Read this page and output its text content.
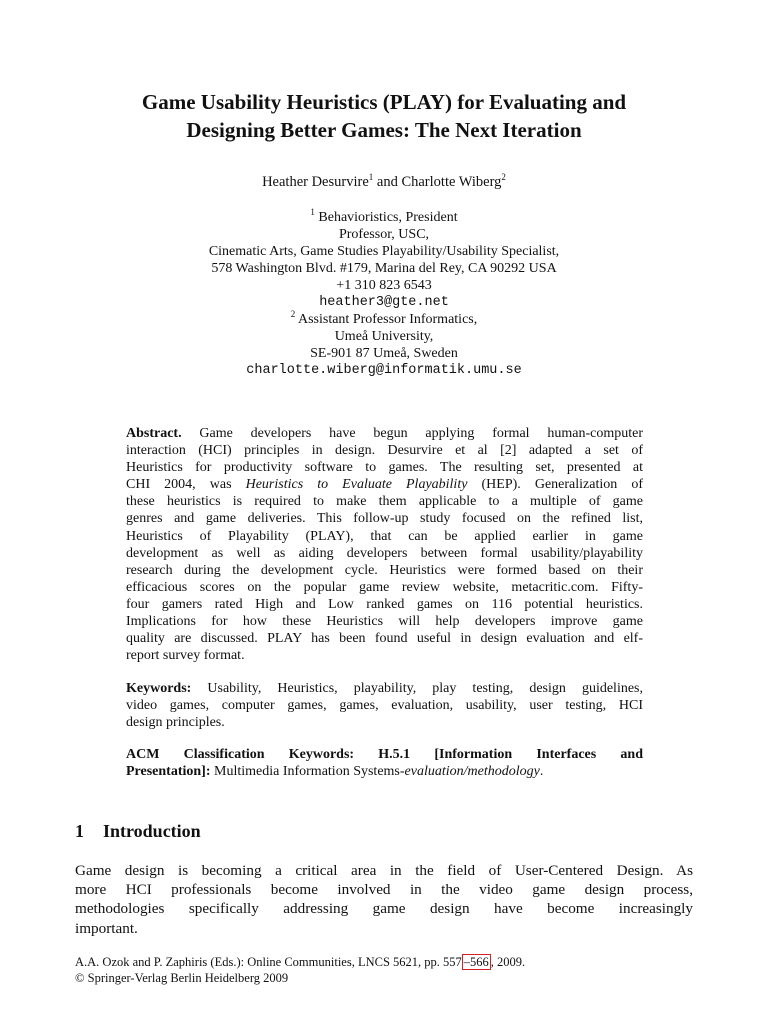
Game Usability Heuristics (PLAY) for Evaluating and
Designing Better Games: The Next Iteration
Heather Desurvire$^1$ and Charlotte Wiberg$^2$
$^1$ Behavioristics, President
Professor, USC,
Cinematic Arts, Game Studies Playability/Usability Specialist,
578 Washington Blvd. #179, Marina del Rey, CA 90292 USA
+1 310 823 6543
heather3@gte.net
$^2$ Assistant Professor Informatics,
Umeå University,
SE-901 87 Umeå, Sweden
charlotte.wiberg@informatik.umu.se
Abstract. Game developers have begun applying formal human-computer
interaction (HCI) principles in design. Desurvire et al [2] adapted a set of
Heuristics for productivity software to games. The resulting set, presented at
CHI 2004, was Heuristics to Evaluate Playability (HEP). Generalization of
these heuristics is required to make them applicable to a multiple of game
genres and game deliveries. This follow-up study focused on the refined list,
Heuristics of Playability (PLAY), that can be applied earlier in game
development as well as aiding developers between formal usability/playability
research during the development cycle. Heuristics were formed based on their
efficacious scores on the popular game review website, metacritic.com. Fifty-
four gamers rated High and Low ranked games on 116 potential heuristics.
Implications for how these Heuristics will help developers improve game
quality are discussed. PLAY has been found useful in design evaluation and elf-
report survey format.
Keywords: Usability, Heuristics, playability, play testing, design guidelines,
video games, computer games, games, evaluation, usability, user testing, HCI
design principles.
ACM Classification Keywords: H.5.1 [Information Interfaces and
Presentation]: Multimedia Information Systems-evaluation/methodology.
1 Introduction
Game design is becoming a critical area in the field of User-Centered Design. As
more HCI professionals become involved in the video game design process,
methodologies specifically addressing game design have become increasingly
important.
A.A. Ozok and P. Zaphiris (Eds.): Online Communities, LNCS 5621, pp. 557 –566 , 2009.
© Springer-Verlag Berlin Heidelberg 2009
